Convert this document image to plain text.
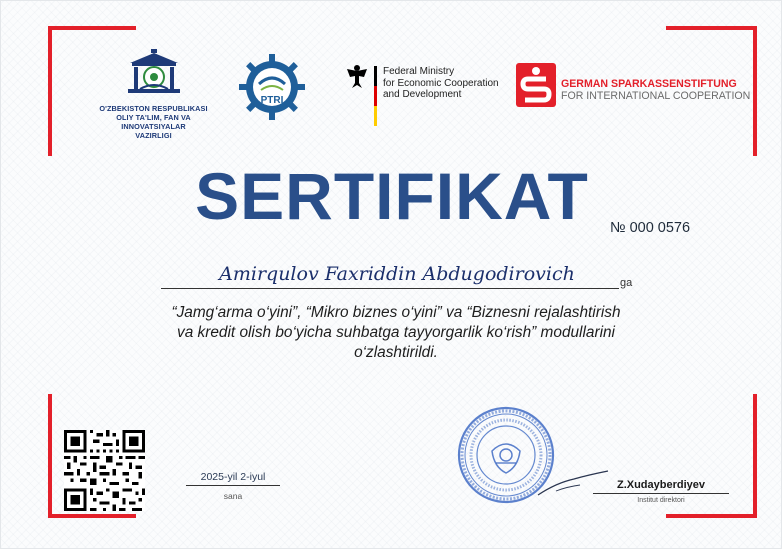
O'ZBEKISTON RESPUBLIKASI
OLIY TA'LIM, FAN VA INNOVATSIYALAR
VAZIRLIGI
PTRI
Federal Ministry
for Economic Cooperation
and Development
GERMAN SPARKASSENSTIFTUNG
FOR INTERNATIONAL COOPERATION
SERTIFIKAT	№ 000 0576
Amirqulov Faxriddin Abdugodirovich	ga
“Jamg‘arma o‘yini”, “Mikro biznes o‘yini” va “Biznesni rejalashtirish
va kredit olish bo‘yicha suhbatga tayyorgarlik ko‘rish” modullarini
o‘zlashtirildi.
2025-yil 2-iyul
sana
Z.Xudayberdiyev
Institut direktori
